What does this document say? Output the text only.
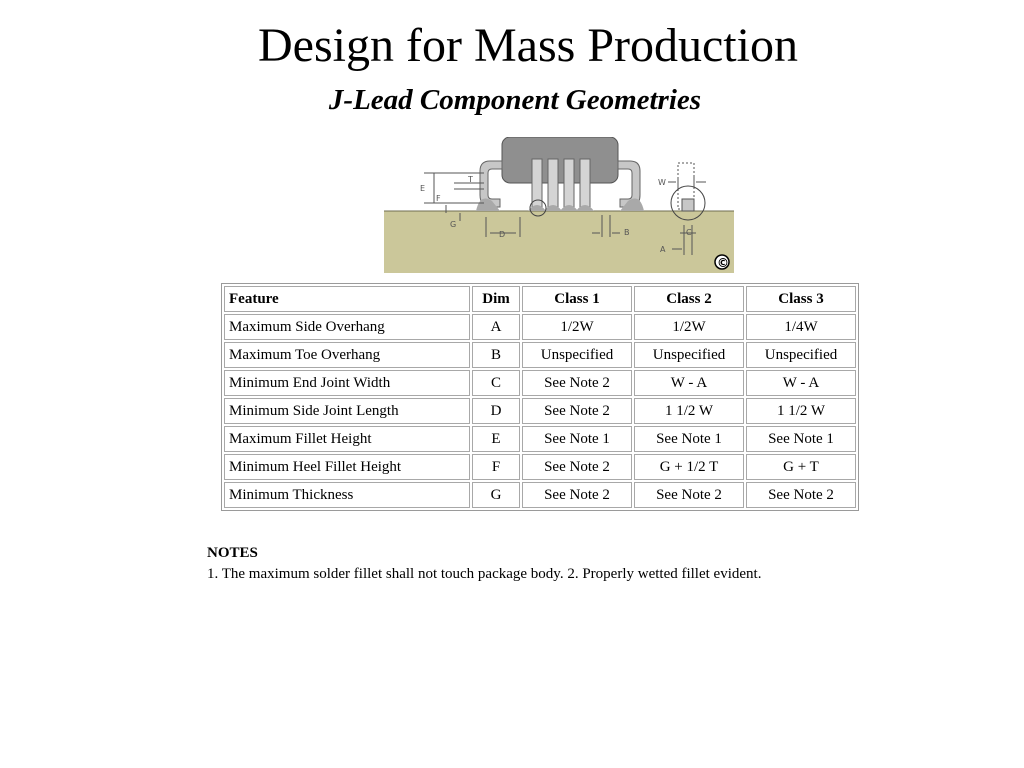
Design for Mass Production
J-Lead Component Geometries
T
E
F
G
D	B
W
A
C
©
Feature	Dim	Class 1	Class 2	Class 3
Maximum Side Overhang	A	1/2W	1/2W	1/4W
Maximum Toe Overhang	B	Unspecified	Unspecified	Unspecified
Minimum End Joint Width	C	See Note 2	W - A	W - A
Minimum Side Joint Length	D	See Note 2	1 1/2 W	1 1/2 W
Maximum Fillet Height	E	See Note 1	See Note 1	See Note 1
Minimum Heel Fillet Height	F	See Note 2	G + 1/2 T	G + T
Minimum Thickness	G	See Note 2	See Note 2	See Note 2
NOTES
1. The maximum solder fillet shall not touch package body. 2. Properly wetted fillet evident.
